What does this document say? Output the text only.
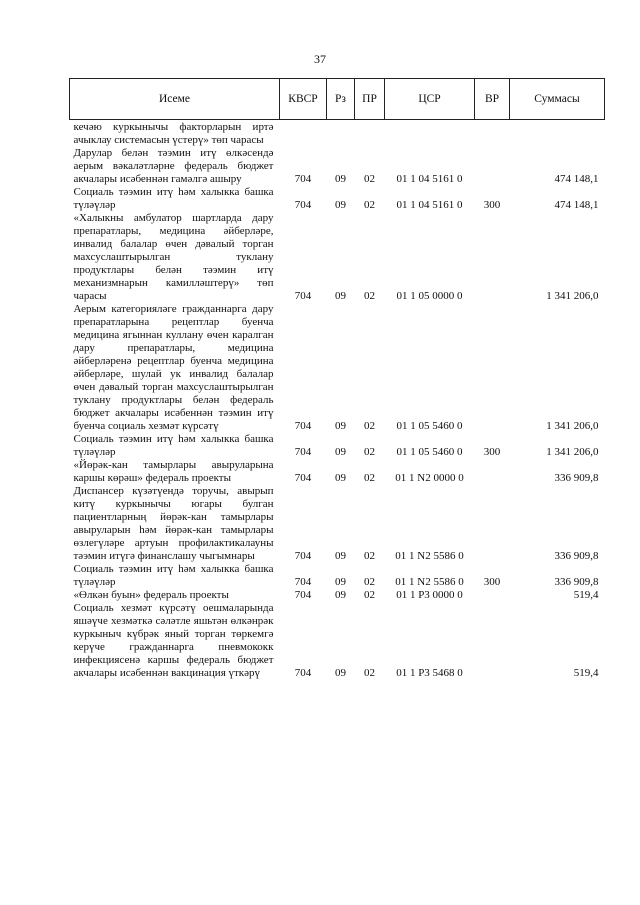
37
Исеме	КВСР	Рз	ПР	ЦСР	ВР	Суммасы
кечәю куркынычы факторларын иртә ачыклау системасын үстерү» төп чарасы						
Дарулар белән тәэмин итү өлкәсендә аерым вәкаләтләрне федераль бюджет акчалары исәбеннән гамәлгә ашыру	704	09	02	01 1 04 5161 0		474 148,1
Социаль тәэмин итү һәм халыкка башка түләүләр	704	09	02	01 1 04 5161 0	300	474 148,1
«Халыкны амбулатор шартларда дару препаратлары, медицина әйберләре, инвалид балалар өчен дәвалый торган махсуслаштырылган туклану продуктлары белән тәэмин итү механизмнарын камилләштерү» төп чарасы	704	09	02	01 1 05 0000 0		1 341 206,0
Аерым категорияләге гражданнарга дару препаратларына рецептлар буенча медицина ягыннан куллану өчен каралган дару препаратлары, медицина әйберләренә рецептлар буенча медицина әйберләре, шулай ук инвалид балалар өчен дәвалый торган махсуслаштырылган туклану продуктлары белән федераль бюджет акчалары исәбеннән тәэмин итү буенча социаль хезмәт күрсәтү	704	09	02	01 1 05 5460 0		1 341 206,0
Социаль тәэмин итү һәм халыкка башка түләүләр	704	09	02	01 1 05 5460 0	300	1 341 206,0
«Йөрәк-кан тамырлары авыруларына каршы көрәш» федераль проекты	704	09	02	01 1 N2 0000 0		336 909,8
Диспансер күзәтүендә торучы, авырып китү куркынычы югары булган пациентларның йөрәк-кан тамырлары авыруларын һәм йөрәк-кан тамырлары өзлегүләре артуын профилактикалауны тәэмин итүгә финанслашу чыгымнары	704	09	02	01 1 N2 5586 0		336 909,8
Социаль тәэмин итү һәм халыкка башка түләүләр	704	09	02	01 1 N2 5586 0	300	336 909,8
«Өлкән буын» федераль проекты	704	09	02	01 1 P3 0000 0		519,4
Социаль хезмәт күрсәтү оешмаларында яшәүче хезмәткә сәләтле яшьтән өлкәнрәк куркыныч күбрәк яный торган төркемгә керүче гражданнарга пневмококк инфекциясенә каршы федераль бюджет акчалары исәбеннән вакцинация үткәрү	704	09	02	01 1 P3 5468 0		519,4
